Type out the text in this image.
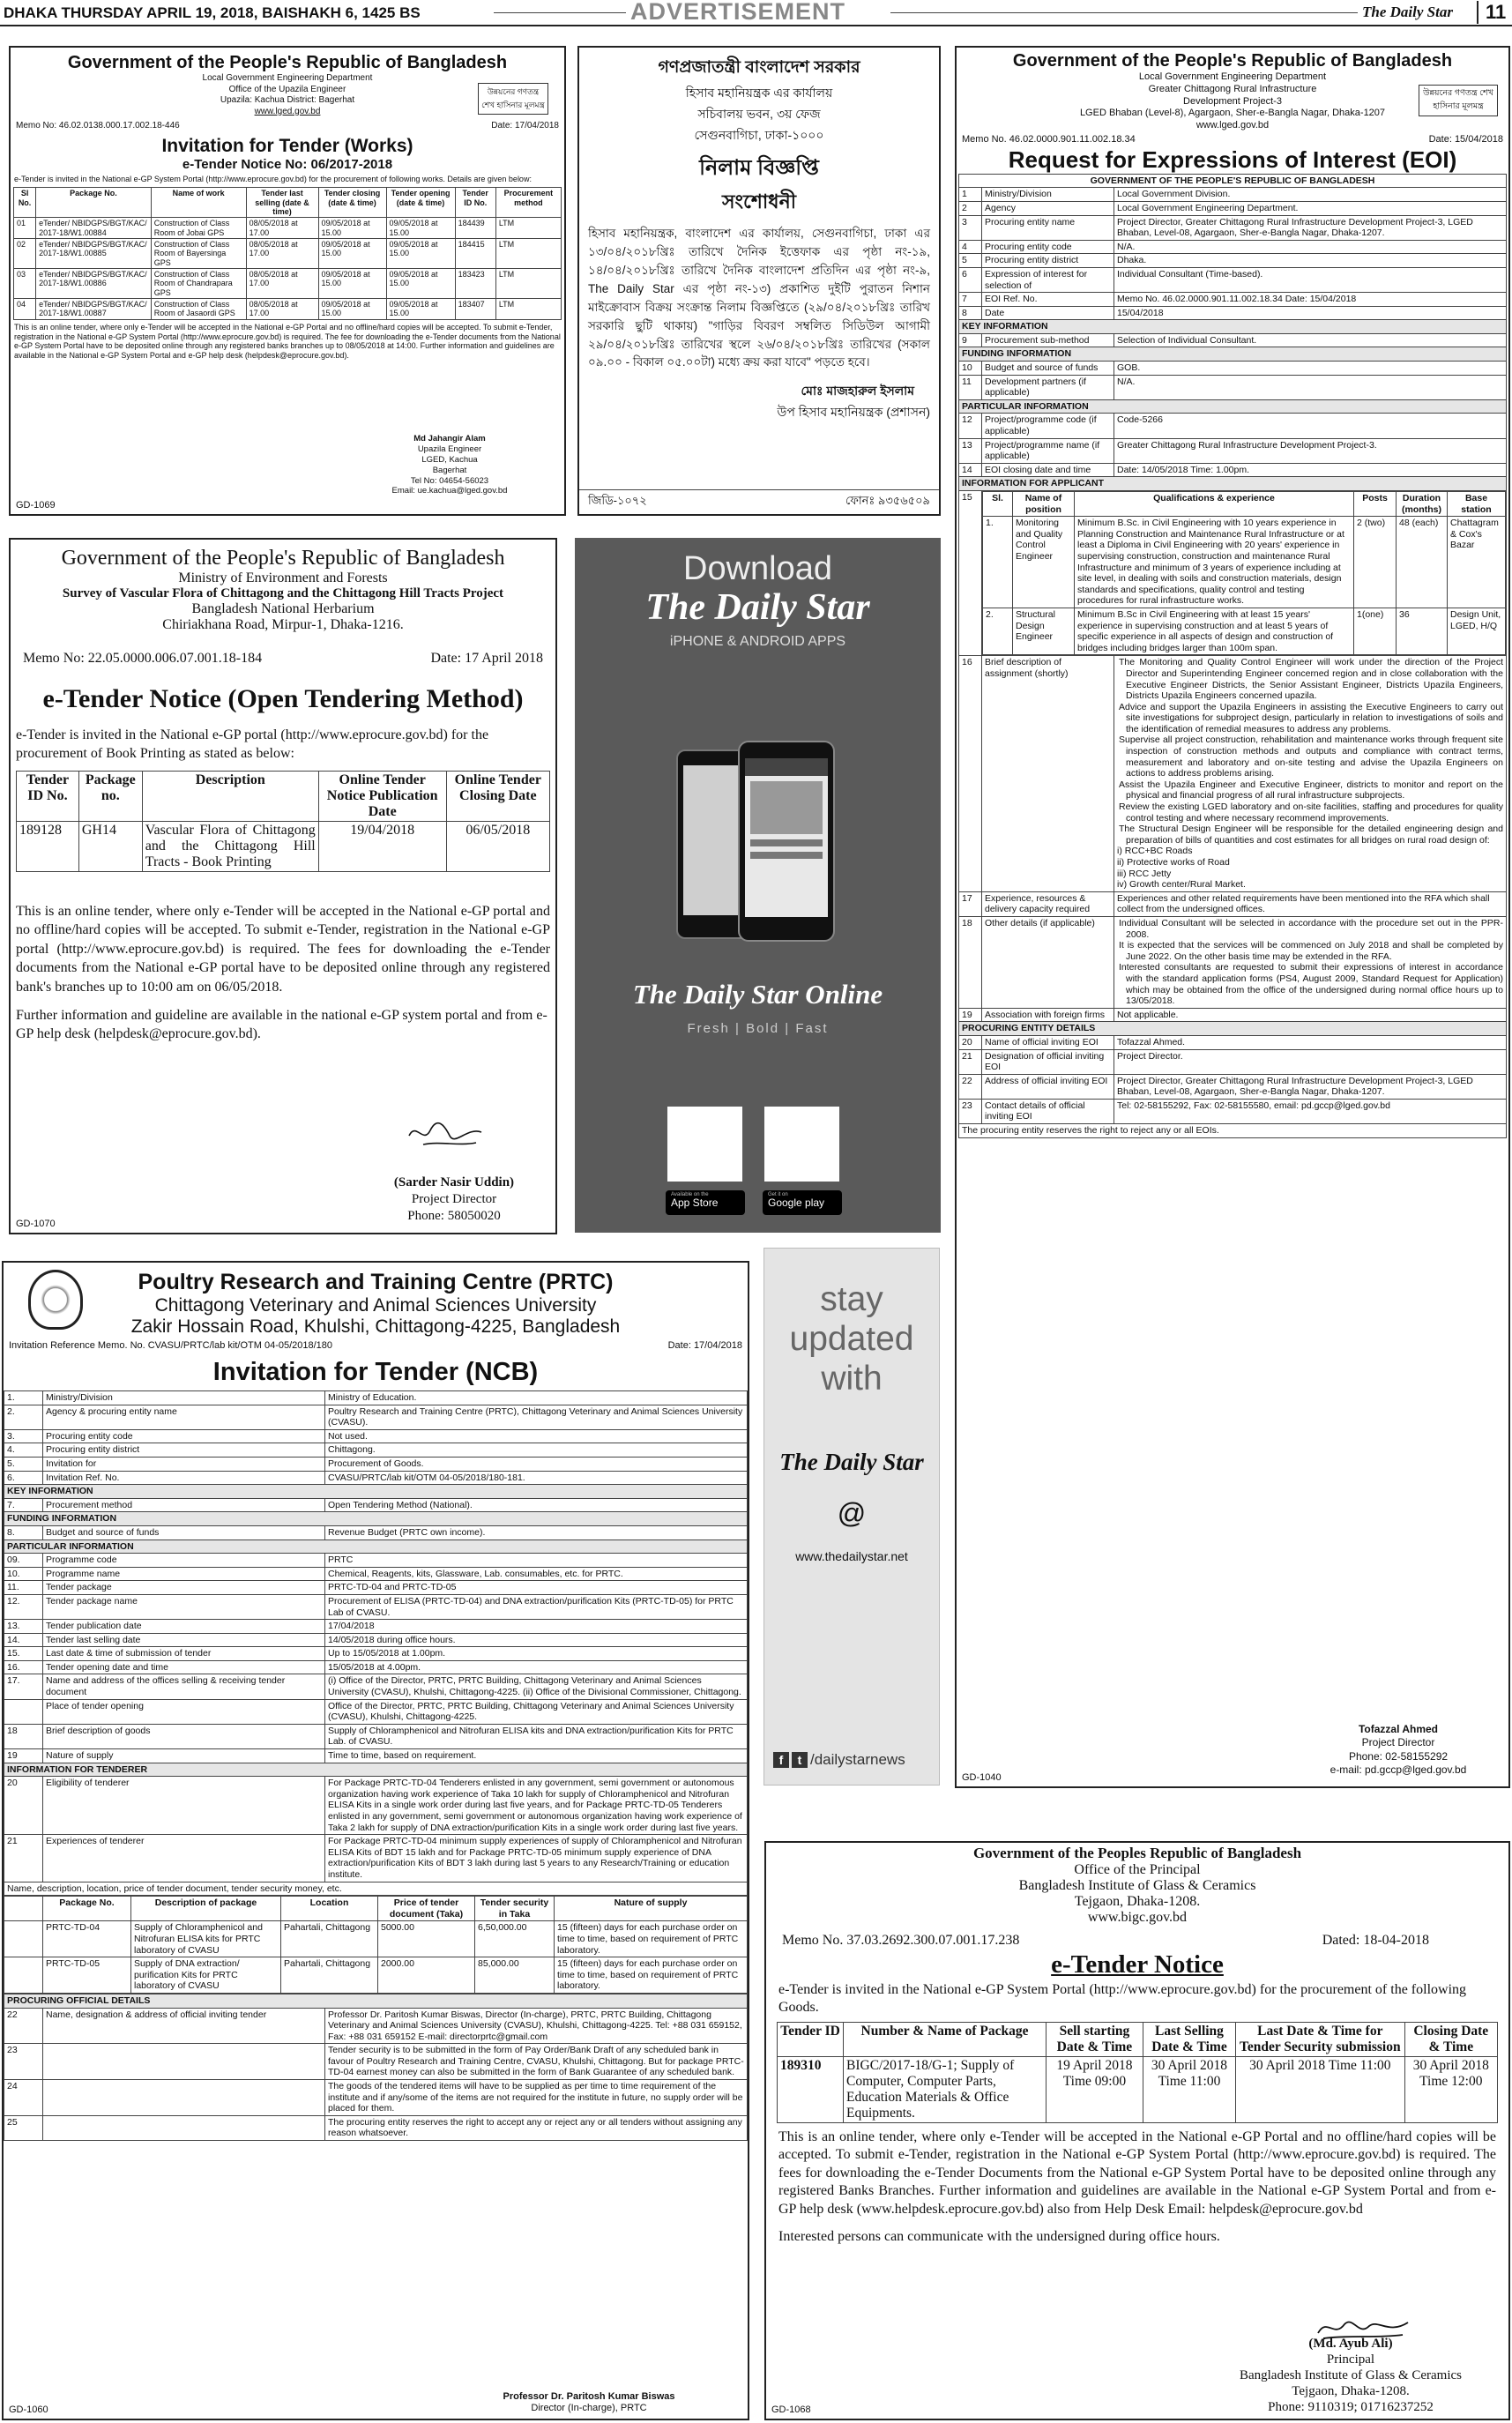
DHAKA THURSDAY APRIL 19, 2018, BAISHAKH 6, 1425 BS	ADVERTISEMENT	The Daily Star	11
Government of the People's Republic of Bangladesh
Local Government Engineering Department
Office of the Upazila Engineer
Upazila: Kachua District: Bagerhat
www.lged.gov.bd
উন্নয়নের গণতন্ত্র শেখ হাসিনার মূলমন্ত্র
Memo No: 46.02.0138.000.17.002.18-446	Date: 17/04/2018
Invitation for Tender (Works)
e-Tender Notice No: 06/2017-2018
e-Tender is invited in the National e-GP System Portal (http://www.eprocure.gov.bd) for the procurement of following works. Details are given below:
Sl No.	Package No.	Name of work	Tender last selling (date & time)	Tender closing (date & time)	Tender opening (date & time)	Tender ID No.	Procurement method
01	eTender/ NBIDGPS/BGT/KAC/ 2017-18/W1.00884	Construction of Class Room of Jobai GPS	08/05/2018 at 17.00	09/05/2018 at 15.00	09/05/2018 at 15.00	184439	LTM
02	eTender/ NBIDGPS/BGT/KAC/ 2017-18/W1.00885	Construction of Class Room of Bayersinga GPS	08/05/2018 at 17.00	09/05/2018 at 15.00	09/05/2018 at 15.00	184415	LTM
03	eTender/ NBIDGPS/BGT/KAC/ 2017-18/W1.00886	Construction of Class Room of Chandrapara GPS	08/05/2018 at 17.00	09/05/2018 at 15.00	09/05/2018 at 15.00	183423	LTM
04	eTender/ NBIDGPS/BGT/KAC/ 2017-18/W1.00887	Construction of Class Room of Jasaordi GPS	08/05/2018 at 17.00	09/05/2018 at 15.00	09/05/2018 at 15.00	183407	LTM
This is an online tender, where only e-Tender will be accepted in the National e-GP Portal and no offline/hard copies will be accepted. To submit e-Tender, registration in the National e-GP System Portal (http://www.eprocure.gov.bd) is required. The fee for downloading the e-Tender documents from the National e-GP System Portal have to be deposited online through any registered banks branches up to 08/05/2018 at 14:00. Further information and guidelines are available in the National e-GP System Portal and e-GP help desk (helpdesk@eprocure.gov.bd).
Md Jahangir Alam
Upazila Engineer
LGED, Kachua
Bagerhat
Tel No: 04654-56023
Email: ue.kachua@lged.gov.bd
GD-1069
গণপ্রজাতন্ত্রী বাংলাদেশ সরকার
হিসাব মহানিয়ন্ত্রক এর কার্যালয়
সচিবালয় ভবন, ৩য় ফেজ
সেগুনবাগিচা, ঢাকা-১০০০
নিলাম বিজ্ঞপ্তি
সংশোধনী
হিসাব মহানিয়ন্ত্রক, বাংলাদেশ এর কার্যালয়, সেগুনবাগিচা, ঢাকা এর ১৩/০৪/২০১৮খ্রিঃ তারিখে দৈনিক ইত্তেফাক এর পৃষ্ঠা নং-১৯, ১৪/০৪/২০১৮খ্রিঃ তারিখে দৈনিক বাংলাদেশ প্রতিদিন এর পৃষ্ঠা নং-৯, The Daily Star এর পৃষ্ঠা নং-১৩) প্রকাশিত দুইটি পুরাতন নিশান মাইক্রোবাস বিক্রয় সংক্রান্ত নিলাম বিজ্ঞপ্তিতে (২৯/০৪/২০১৮খ্রিঃ তারিখ সরকারি ছুটি থাকায়) "গাড়ির বিবরণ সম্বলিত সিডিউল আগামী ২৯/০৪/২০১৮খ্রিঃ তারিখের স্থলে ২৬/০৪/২০১৮খ্রিঃ তারিখের (সকাল ০৯.০০ - বিকাল ০৫.০০টা) মধ্যে ক্রয় করা যাবে" পড়তে হবে।
মোঃ মাজহারুল ইসলাম
উপ হিসাব মহানিয়ন্ত্রক (প্রশাসন)
জিডি-১০৭২	ফোনঃ ৯৩৫৬৫০৯
Government of the People's Republic of Bangladesh
Ministry of Environment and Forests
Survey of Vascular Flora of Chittagong and the Chittagong Hill Tracts Project
Bangladesh National Herbarium
Chiriakhana Road, Mirpur-1, Dhaka-1216.
Memo No: 22.05.0000.006.07.001.18-184	Date: 17 April 2018
e-Tender Notice (Open Tendering Method)
e-Tender is invited in the National e-GP portal (http://www.eprocure.gov.bd) for the procurement of Book Printing as stated as below:
Tender ID No.	Package no.	Description	Online Tender Notice Publication Date	Online Tender Closing Date
189128	GH14	Vascular Flora of Chittagong and the Chittagong Hill Tracts - Book Printing	19/04/2018	06/05/2018
This is an online tender, where only e-Tender will be accepted in the National e-GP portal and no offline/hard copies will be accepted. To submit e-Tender, registration in the National e-GP portal (http://www.eprocure.gov.bd) is required. The fees for downloading the e-Tender documents from the National e-GP portal have to be deposited online through any registered bank's branches up to 10:00 am on 06/05/2018.
Further information and guideline are available in the national e-GP system portal and from e-GP help desk (helpdesk@eprocure.gov.bd).
(Sarder Nasir Uddin)
Project Director
Phone: 58050020
GD-1070
Download
The Daily Star
iPHONE & ANDROID APPS
The Daily Star Online
Fresh | Bold | Fast
Available on the
App Store
Get it on
Google play
stay
updated
with
The Daily Star
@
www.thedailystar.net
f	t /dailystarnews
Government of the People's Republic of Bangladesh
Local Government Engineering Department
Greater Chittagong Rural Infrastructure
Development Project-3
LGED Bhaban (Level-8), Agargaon, Sher-e-Bangla Nagar, Dhaka-1207
www.lged.gov.bd
উন্নয়নের গণতন্ত্র শেখ হাসিনার মূলমন্ত্র
Memo No. 46.02.0000.901.11.002.18.34	Date: 15/04/2018
Request for Expressions of Interest (EOI)
GOVERNMENT OF THE PEOPLE'S REPUBLIC OF BANGLADESH
1	Ministry/Division	Local Government Division.
2	Agency	Local Government Engineering Department.
3	Procuring entity name	Project Director, Greater Chittagong Rural Infrastructure Development Project-3, LGED Bhaban, Level-08, Agargaon, Sher-e-Bangla Nagar, Dhaka-1207.
4	Procuring entity code	N/A.
5	Procuring entity district	Dhaka.
6	Expression of interest for selection of	Individual Consultant (Time-based).
7	EOI Ref. No.	Memo No. 46.02.0000.901.11.002.18.34 Date: 15/04/2018
8	Date	15/04/2018
KEY INFORMATION
9	Procurement sub-method	Selection of Individual Consultant.
FUNDING INFORMATION
10	Budget and source of funds	GOB.
11	Development partners (if applicable)	N/A.
PARTICULAR INFORMATION
12	Project/programme code (if applicable)	Code-5266
13	Project/programme name (if applicable)	Greater Chittagong Rural Infrastructure Development Project-3.
14	EOI closing date and time	Date: 14/05/2018 Time: 1.00pm.
INFORMATION FOR APPLICANT
15	Sl.	Name of position	Qualifications & experience	Posts	Duration (months)	Base station
1.	Monitoring and Quality Control Engineer	Minimum B.Sc. in Civil Engineering with 10 years experience in Planning Construction and Maintenance Rural Infrastructure or at least a Diploma in Civil Engineering with 20 years' experience in supervising construction, construction and maintenance Rural Infrastructure and minimum of 3 years of experience including at site level, in dealing with soils and construction materials, design standards and specifications, quality control and testing procedures for rural infrastructure works.	2 (two)	48 (each)	Chattagram & Cox's Bazar
2.	Structural Design Engineer	Minimum B.Sc in Civil Engineering with at least 15 years' experience in supervising construction and at least 5 years of specific experience in all aspects of design and construction of bridges including bridges larger than 100m span.	1(one)	36	Design Unit, LGED, H/Q

16	Brief description of assignment (shortly)	
The Monitoring and Quality Control Engineer will work under the direction of the Project Director and Superintending Engineer concerned region and in close collaboration with the Executive Engineer Districts, the Senior Assistant Engineer, Districts Upazila Engineers, Districts Upazila Engineers concerned upazila.
Advice and support the Upazila Engineers in assisting the Executive Engineers to carry out site investigations for subproject design, particularly in relation to investigations of soils and the identification of remedial measures to address any problems.
Supervise all project construction, rehabilitation and maintenance works through frequent site inspection of construction methods and outputs and compliance with contract terms, measurement and laboratory and on-site testing and advise the Upazila Engineers on actions to address problems arising.
Assist the Upazila Engineer and Executive Engineer, districts to monitor and report on the physical and financial progress of all rural infrastructure subprojects.
Review the existing LGED laboratory and on-site facilities, staffing and procedures for quality control testing and where necessary recommend improvements.
The Structural Design Engineer will be responsible for the detailed engineering design and preparation of bills of quantities and cost estimates for all bridges on rural road design of:
i) RCC+BC Roads
ii) Protective works of Road
iii) RCC Jetty
iv) Growth center/Rural Market.

17	Experience, resources & delivery capacity required	Experiences and other related requirements have been mentioned into the RFA which shall collect from the undersigned offices.
18	Other details (if applicable)	Individual Consultant will be selected in accordance with the procedure set out in the PPR-2008.
It is expected that the services will be commenced on July 2018 and shall be completed by June 2022. On the other basis time may be extended in the RFA.
Interested consultants are requested to submit their expressions of interest in accordance with the standard application forms (PS4, August 2009, Standard Request for Application) which may be obtained from the office of the undersigned during normal office hours up to 13/05/2018.

19	Association with foreign firms	Not applicable.
PROCURING ENTITY DETAILS
20	Name of official inviting EOI	Tofazzal Ahmed.
21	Designation of official inviting EOI	Project Director.
22	Address of official inviting EOI	Project Director, Greater Chittagong Rural Infrastructure Development Project-3, LGED Bhaban, Level-08, Agargaon, Sher-e-Bangla Nagar, Dhaka-1207.
23	Contact details of official inviting EOI	Tel: 02-58155292, Fax: 02-58155580, email: pd.gccp@lged.gov.bd
The procuring entity reserves the right to reject any or all EOIs.
Tofazzal Ahmed
Project Director
Phone: 02-58155292
e-mail: pd.gccp@lged.gov.bd
GD-1040
Poultry Research and Training Centre (PRTC)
Chittagong Veterinary and Animal Sciences University
Zakir Hossain Road, Khulshi, Chittagong-4225, Bangladesh
Invitation Reference Memo. No. CVASU/PRTC/lab kit/OTM 04-05/2018/180	Date: 17/04/2018
Invitation for Tender (NCB)
1.	Ministry/Division	Ministry of Education.
2.	Agency & procuring entity name	Poultry Research and Training Centre (PRTC), Chittagong Veterinary and Animal Sciences University (CVASU).
3.	Procuring entity code	Not used.
4.	Procuring entity district	Chittagong.
5.	Invitation for	Procurement of Goods.
6.	Invitation Ref. No.	CVASU/PRTC/lab kit/OTM 04-05/2018/180-181.
KEY INFORMATION		
7.	Procurement method	Open Tendering Method (National).
FUNDING INFORMATION		
8.	Budget and source of funds	Revenue Budget (PRTC own income).
PARTICULAR INFORMATION		
09.	Programme code	PRTC
10.	Programme name	Chemical, Reagents, kits, Glassware, Lab. consumables, etc. for PRTC.
11.	Tender package	PRTC-TD-04 and PRTC-TD-05
12.	Tender package name	Procurement of ELISA (PRTC-TD-04) and DNA extraction/purification Kits (PRTC-TD-05) for PRTC Lab of CVASU.
13.	Tender publication date	17/04/2018
14.	Tender last selling date	14/05/2018 during office hours.
15.	Last date & time of submission of tender	Up to 15/05/2018 at 1.00pm.
16.	Tender opening date and time	15/05/2018 at 4.00pm.
17.	Name and address of the offices selling & receiving tender document	(i) Office of the Director, PRTC, PRTC Building, Chittagong Veterinary and Animal Sciences University (CVASU), Khulshi, Chittagong-4225. (ii) Office of the Divisional Commissioner, Chittagong.
	Place of tender opening	Office of the Director, PRTC, PRTC Building, Chittagong Veterinary and Animal Sciences University (CVASU), Khulshi, Chittagong-4225.
18	Brief description of goods	Supply of Chloramphenicol and Nitrofuran ELISA kits and DNA extraction/purification Kits for PRTC Lab. of CVASU.
19	Nature of supply	Time to time, based on requirement.
INFORMATION FOR TENDERER		
20	Eligibility of tenderer	For Package PRTC-TD-04 Tenderers enlisted in any government, semi government or autonomous organization having work experience of Taka 10 lakh for supply of Chloramphenicol and Nitrofuran ELISA Kits in a single work order during last five years, and for Package PRTC-TD-05 Tenderers enlisted in any government, semi government or autonomous organization having work experience of Taka 2 lakh for supply of DNA extraction/purification Kits in a single work order during last five years.
21	Experiences of tenderer	For Package PRTC-TD-04 minimum supply experiences of supply of Chloramphenicol and Nitrofuran ELISA Kits of BDT 15 lakh and for Package PRTC-TD-05 minimum supply experience of DNA extraction/purification Kits of BDT 3 lakh during last 5 years to any Research/Training or education institute.
Name, description, location, price of tender document, tender security money, etc.		
	Package No.	Description of package	Location	Price of tender document (Taka)	Tender security in Taka	Nature of supply
	PRTC-TD-04	Supply of Chloramphenicol and Nitrofuran ELISA kits for PRTC laboratory of CVASU	Pahartali, Chittagong	5000.00	6,50,000.00	15 (fifteen) days for each purchase order on time to time, based on requirement of PRTC laboratory.
	PRTC-TD-05	Supply of DNA extraction/ purification Kits for PRTC laboratory of CVASU	Pahartali, Chittagong	2000.00	85,000.00	15 (fifteen) days for each purchase order on time to time, based on requirement of PRTC laboratory.
PROCURING OFFICIAL DETAILS		
22	Name, designation & address of official inviting tender	Professor Dr. Paritosh Kumar Biswas, Director (In-charge), PRTC, PRTC Building, Chittagong Veterinary and Animal Sciences University (CVASU), Khulshi, Chittagong-4225. Tel: +88 031 659152, Fax: +88 031 659152 E-mail: directorprtc@gmail.com
23		Tender security is to be submitted in the form of Pay Order/Bank Draft of any scheduled bank in favour of Poultry Research and Training Centre, CVASU, Khulshi, Chittagong. But for package PRTC-TD-04 earnest money can also be submitted in the form of Bank Guarantee of any scheduled bank.
24		The goods of the tendered items will have to be supplied as per time to time requirement of the institute and if any/some of the items are not required for the institute in future, no supply order will be placed for them.
25		The procuring entity reserves the right to accept any or reject any or all tenders without assigning any reason whatsoever.
Professor Dr. Paritosh Kumar Biswas
Director (In-charge), PRTC
GD-1060
Government of the Peoples Republic of Bangladesh
Office of the Principal
Bangladesh Institute of Glass & Ceramics
Tejgaon, Dhaka-1208.
www.bigc.gov.bd
Memo No. 37.03.2692.300.07.001.17.238	Dated: 18-04-2018
e-Tender Notice
e-Tender is invited in the National e-GP System Portal (http://www.eprocure.gov.bd) for the procurement of the following Goods.
Tender ID	Number & Name of Package	Sell starting Date & Time	Last Selling Date & Time	Last Date & Time for Tender Security submission	Closing Date & Time
189310	BIGC/2017-18/G-1; Supply of Computer, Computer Parts, Education Materials & Office Equipments.	19 April 2018 Time 09:00	30 April 2018 Time 11:00	30 April 2018 Time 11:00	30 April 2018 Time 12:00
This is an online tender, where only e-Tender will be accepted in the National e-GP Portal and no offline/hard copies will be accepted. To submit e-Tender, registration in the National e-GP System Portal (http://www.eprocure.gov.bd) is required. The fees for downloading the e-Tender Documents from the National e-GP System Portal have to be deposited online through any registered Banks Branches. Further information and guidelines are available in the National e-GP System Portal and from e-GP help desk (www.helpdesk.eprocure.gov.bd) also from Help Desk Email: helpdesk@eprocure.gov.bd
Interested persons can communicate with the undersigned during office hours.
(Md. Ayub Ali)
Principal
Bangladesh Institute of Glass & Ceramics
Tejgaon, Dhaka-1208.
Phone: 9110319; 01716237252
GD-1068
